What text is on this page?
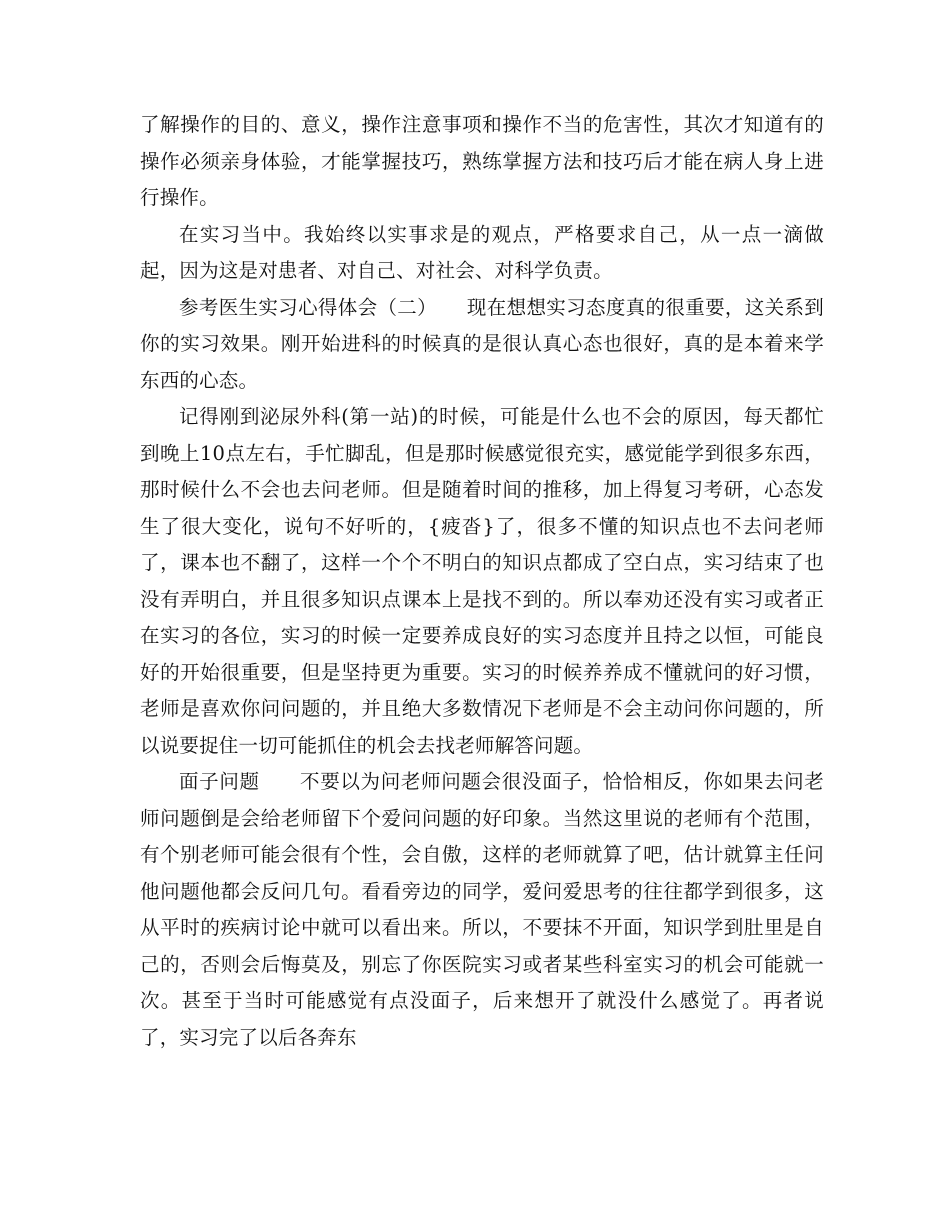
了解操作的目的、意义，操作注意事项和操作不当的危害性，其次才知道有的操作必须亲身体验，才能掌握技巧，熟练掌握方法和技巧后才能在病人身上进行操作。

在实习当中。我始终以实事求是的观点，严格要求自己，从一点一滴做起，因为这是对患者、对自己、对社会、对科学负责。

参考医生实习心得体会（二）　　现在想想实习态度真的很重要，这关系到你的实习效果。刚开始进科的时候真的是很认真心态也很好，真的是本着来学东西的心态。

记得刚到泌尿外科(第一站)的时候，可能是什么也不会的原因，每天都忙到晚上10点左右，手忙脚乱，但是那时候感觉很充实，感觉能学到很多东西，那时候什么不会也去问老师。但是随着时间的推移，加上得复习考研，心态发生了很大变化，说句不好听的，{疲沓}了，很多不懂的知识点也不去问老师了，课本也不翻了，这样一个个不明白的知识点都成了空白点，实习结束了也没有弄明白，并且很多知识点课本上是找不到的。所以奉劝还没有实习或者正在实习的各位，实习的时候一定要养成良好的实习态度并且持之以恒，可能良好的开始很重要，但是坚持更为重要。实习的时候养养成不懂就问的好习惯，老师是喜欢你问问题的，并且绝大多数情况下老师是不会主动问你问题的，所以说要捉住一切可能抓住的机会去找老师解答问题。

面子问题　　不要以为问老师问题会很没面子，恰恰相反，你如果去问老师问题倒是会给老师留下个爱问问题的好印象。当然这里说的老师有个范围，有个别老师可能会很有个性，会自傲，这样的老师就算了吧，估计就算主任问他问题他都会反问几句。看看旁边的同学，爱问爱思考的往往都学到很多，这从平时的疾病讨论中就可以看出来。所以，不要抹不开面，知识学到肚里是自己的，否则会后悔莫及，别忘了你医院实习或者某些科室实习的机会可能就一次。甚至于当时可能感觉有点没面子，后来想开了就没什么感觉了。再者说了，实习完了以后各奔东
